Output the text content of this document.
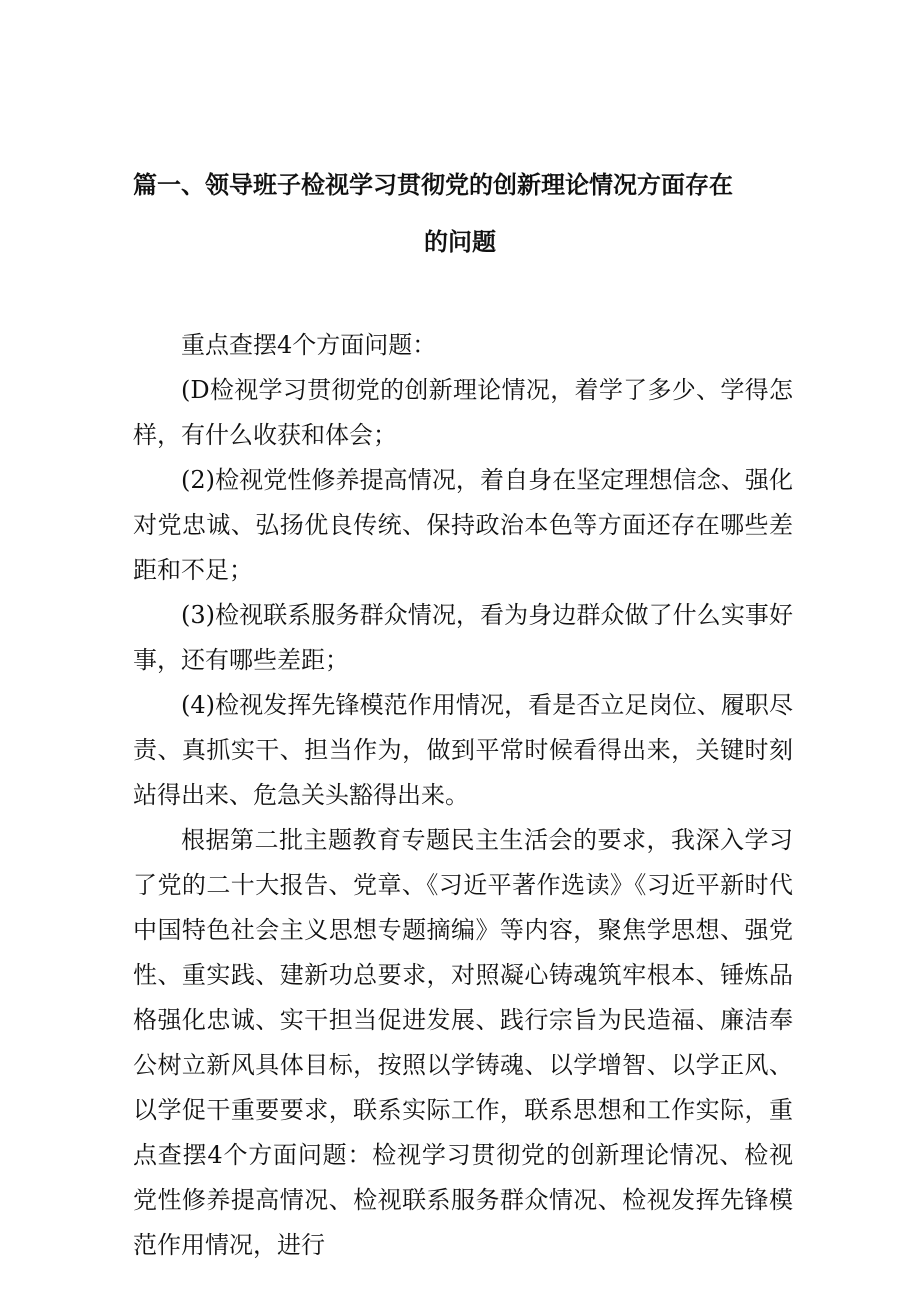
篇一、领导班子检视学习贯彻党的创新理论情况方面存在
的问题

重点查摆4个方面问题：

(D检视学习贯彻党的创新理论情况，着学了多少、学得怎样，有什么收获和体会；

(2)检视党性修养提高情况，着自身在坚定理想信念、强化对党忠诚、弘扬优良传统、保持政治本色等方面还存在哪些差距和不足；

(3)检视联系服务群众情况，看为身边群众做了什么实事好事，还有哪些差距；

(4)检视发挥先锋模范作用情况，看是否立足岗位、履职尽责、真抓实干、担当作为，做到平常时候看得出来，关键时刻站得出来、危急关头豁得出来。

根据第二批主题教育专题民主生活会的要求，我深入学习了党的二十大报告、党章、《习近平著作选读》《习近平新时代中国特色社会主义思想专题摘编》等内容，聚焦学思想、强党性、重实践、建新功总要求，对照凝心铸魂筑牢根本、锤炼品格强化忠诚、实干担当促进发展、践行宗旨为民造福、廉洁奉公树立新风具体目标，按照以学铸魂、以学增智、以学正风、以学促干重要要求，联系实际工作，联系思想和工作实际，重点查摆4个方面问题：检视学习贯彻党的创新理论情况、检视党性修养提高情况、检视联系服务群众情况、检视发挥先锋模范作用情况，进行
